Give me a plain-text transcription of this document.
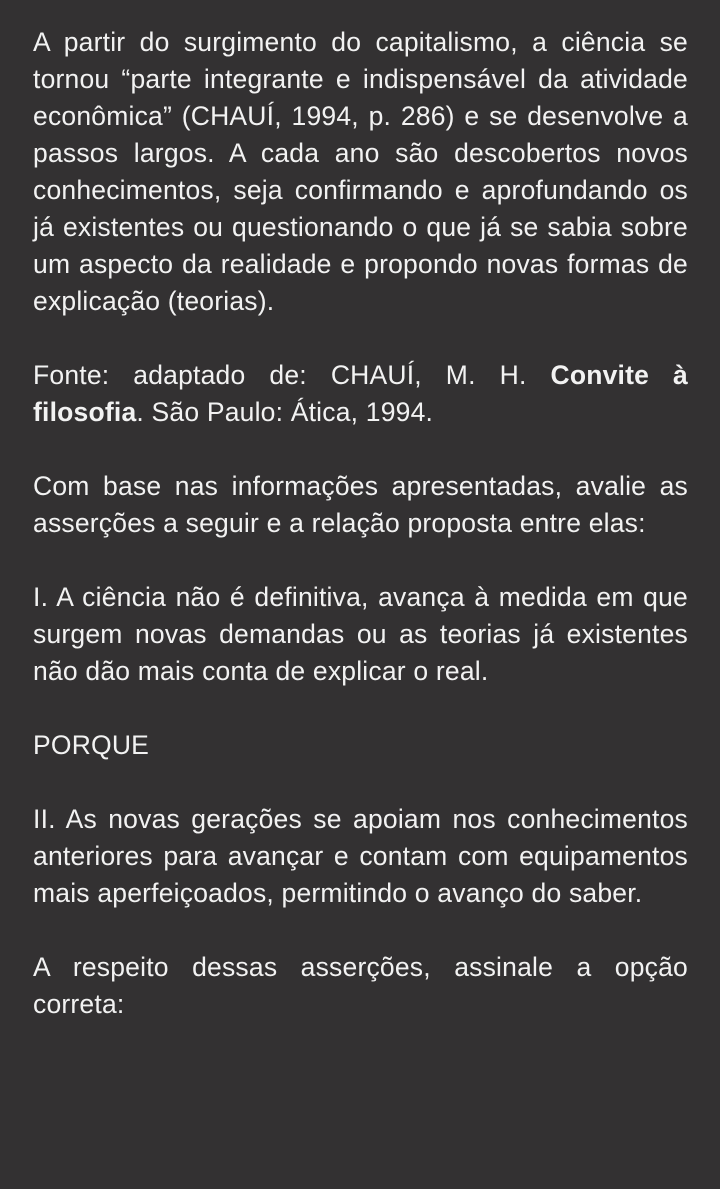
A partir do surgimento do capitalismo, a ciência se tornou “parte integrante e indispensável da atividade econômica” (CHAUÍ, 1994, p. 286) e se desenvolve a passos largos. A cada ano são descobertos novos conhecimentos, seja confirmando e aprofundando os já existentes ou questionando o que já se sabia sobre um aspecto da realidade e propondo novas formas de explicação (teorias).

Fonte: adaptado de: CHAUÍ, M. H. Convite à filosofia. São Paulo: Ática, 1994.

Com base nas informações apresentadas, avalie as asserções a seguir e a relação proposta entre elas:

I. A ciência não é definitiva, avança à medida em que surgem novas demandas ou as teorias já existentes não dão mais conta de explicar o real.

PORQUE

II. As novas gerações se apoiam nos conhecimentos anteriores para avançar e contam com equipamentos mais aperfeiçoados, permitindo o avanço do saber.

A respeito dessas asserções, assinale a opção correta:
